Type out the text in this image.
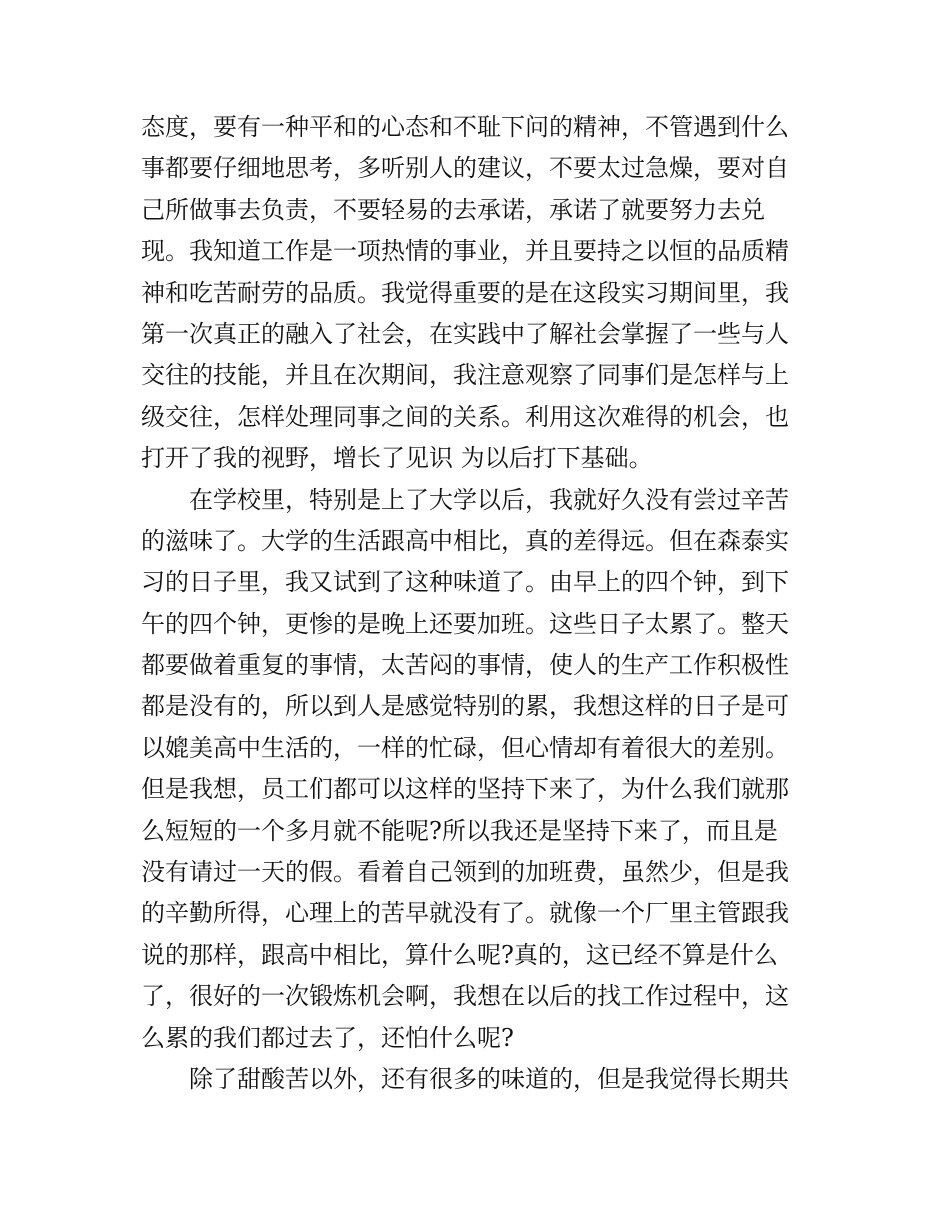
态度，要有一种平和的心态和不耻下问的精神，不管遇到什么
事都要仔细地思考，多听别人的建议，不要太过急燥，要对自
己所做事去负责，不要轻易的去承诺，承诺了就要努力去兑
现。我知道工作是一项热情的事业，并且要持之以恒的品质精
神和吃苦耐劳的品质。我觉得重要的是在这段实习期间里，我
第一次真正的融入了社会，在实践中了解社会掌握了一些与人
交往的技能，并且在次期间，我注意观察了同事们是怎样与上
级交往，怎样处理同事之间的关系。利用这次难得的机会，也
打开了我的视野，增长了见识 为以后打下基础。
　　在学校里，特别是上了大学以后，我就好久没有尝过辛苦
的滋味了。大学的生活跟高中相比，真的差得远。但在森泰实
习的日子里，我又试到了这种味道了。由早上的四个钟，到下
午的四个钟，更惨的是晚上还要加班。这些日子太累了。整天
都要做着重复的事情，太苦闷的事情，使人的生产工作积极性
都是没有的，所以到人是感觉特别的累，我想这样的日子是可
以媲美高中生活的，一样的忙碌，但心情却有着很大的差别。
但是我想，员工们都可以这样的坚持下来了，为什么我们就那
么短短的一个多月就不能呢?所以我还是坚持下来了，而且是
没有请过一天的假。看着自己领到的加班费，虽然少，但是我
的辛勤所得，心理上的苦早就没有了。就像一个厂里主管跟我
说的那样，跟高中相比，算什么呢?真的，这已经不算是什么
了，很好的一次锻炼机会啊，我想在以后的找工作过程中，这
么累的我们都过去了，还怕什么呢?
　　除了甜酸苦以外，还有很多的味道的，但是我觉得长期共
